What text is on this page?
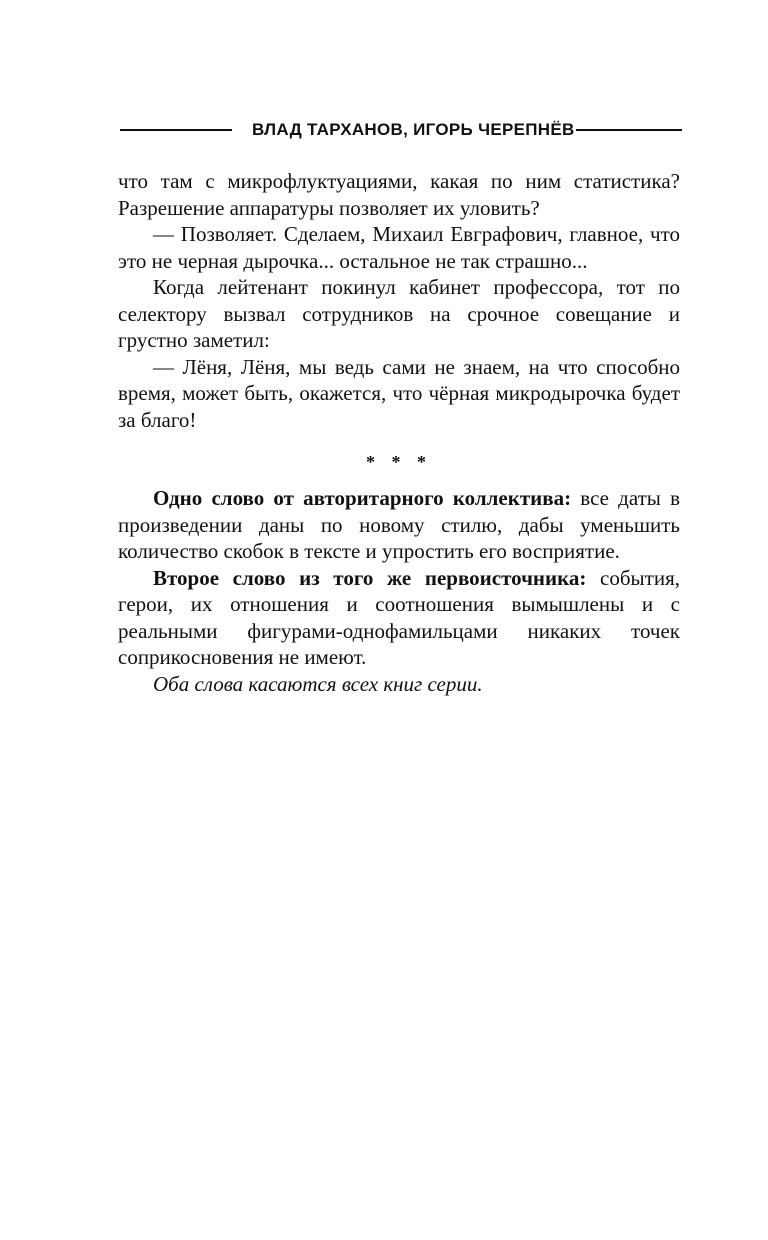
ВЛАД ТАРХАНОВ, ИГОРЬ ЧЕРЕПНЁВ

что там с микрофлуктуациями, какая по ним статистика? Разрешение аппаратуры позволяет их уловить?

— Позволяет. Сделаем, Михаил Евграфович, главное, что это не черная дырочка... остальное не так страшно...

Когда лейтенант покинул кабинет профессора, тот по селектору вызвал сотрудников на срочное совещание и грустно заметил:

— Лёня, Лёня, мы ведь сами не знаем, на что способно время, может быть, окажется, что чёрная микродырочка будет за благо!

* * *

Одно слово от авторитарного коллектива: все даты в произведении даны по новому стилю, дабы уменьшить количество скобок в тексте и упростить его восприятие.

Второе слово из того же первоисточника: события, герои, их отношения и соотношения вымышлены и с реальными фигурами-однофамильцами никаких точек соприкосновения не имеют.

Оба слова касаются всех книг серии.
